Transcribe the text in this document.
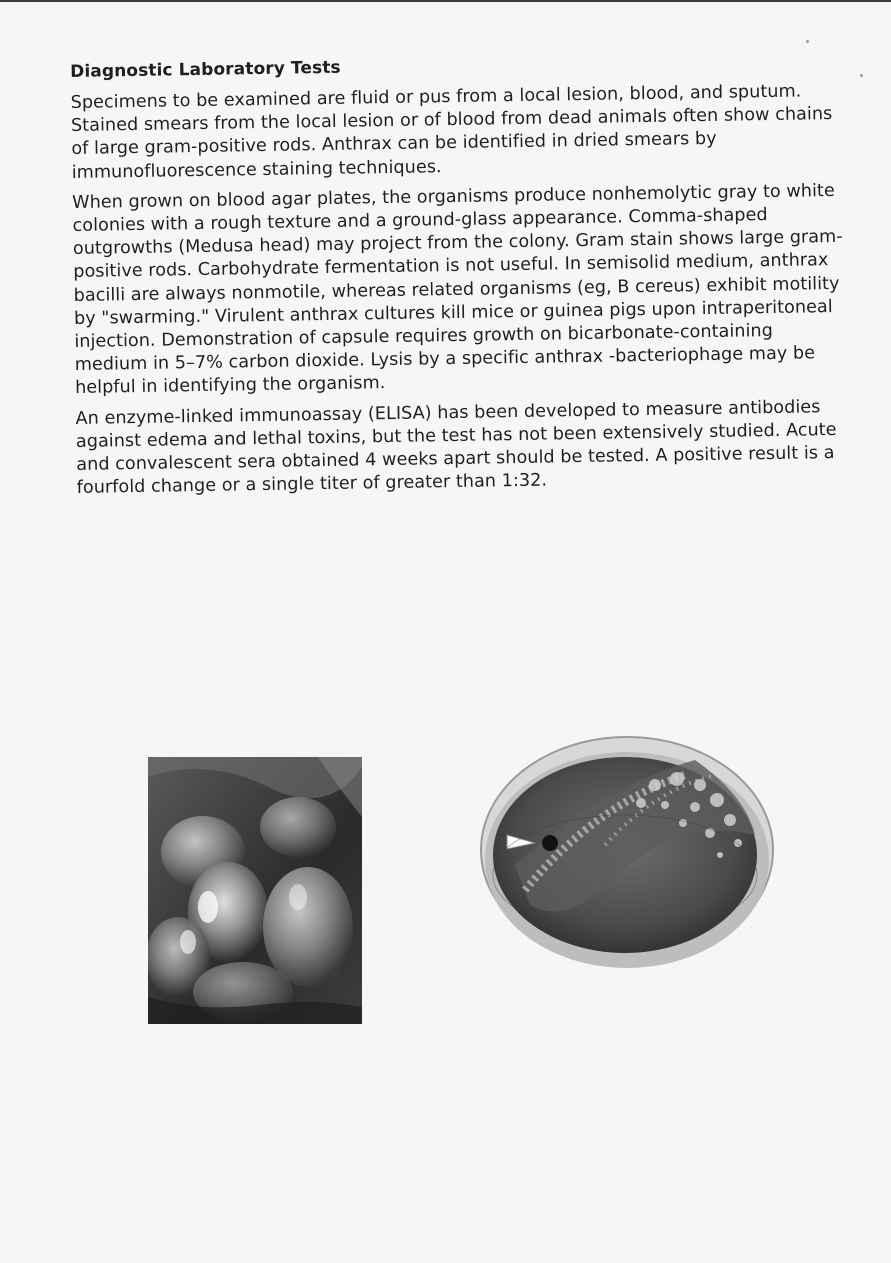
Diagnostic Laboratory Tests

Specimens to be examined are fluid or pus from a local lesion, blood, and sputum. Stained smears from the local lesion or of blood from dead animals often show chains of large gram-positive rods. Anthrax can be identified in dried smears by immunofluorescence staining techniques.

When grown on blood agar plates, the organisms produce nonhemolytic gray to white colonies with a rough texture and a ground-glass appearance. Comma-shaped outgrowths (Medusa head) may project from the colony. Gram stain shows large gram-positive rods. Carbohydrate fermentation is not useful. In semisolid medium, anthrax bacilli are always nonmotile, whereas related organisms (eg, B cereus) exhibit motility by "swarming." Virulent anthrax cultures kill mice or guinea pigs upon intraperitoneal injection. Demonstration of capsule requires growth on bicarbonate-containing medium in 5–7% carbon dioxide. Lysis by a specific anthrax -bacteriophage may be helpful in identifying the organism.

An enzyme-linked immunoassay (ELISA) has been developed to measure antibodies against edema and lethal toxins, but the test has not been extensively studied. Acute and convalescent sera obtained 4 weeks apart should be tested. A positive result is a fourfold change or a single titer of greater than 1:32.
